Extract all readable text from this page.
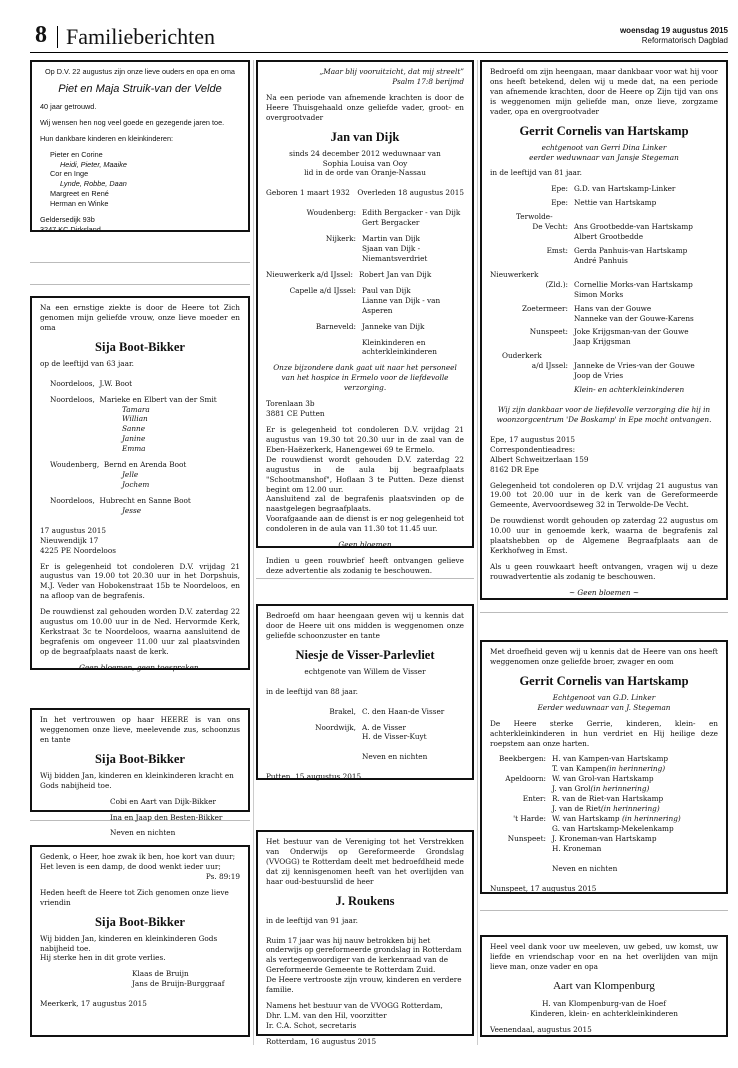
8 Familieberichten	woensdag 19 augustus 2015
Reformatorisch Dagblad

Op D.V. 22 augustus zijn onze lieve ouders en opa en oma

Piet en Maja Struik-van der Velde

40 jaar getrouwd.

Wij wensen hen nog veel goede en gezegende jaren toe.

Hun dankbare kinderen en kleinkinderen:

Pieter en Corine

Heidi, Pieter, Maaike

Cor en Inge

Lynde, Robbe, Daan

Margreet en René

Herman en Winke

Geldersedijk 93b

3247 KC Dirksland

Na een ernstige ziekte is door de Heere tot Zich genomen mijn geliefde vrouw, onze lieve moeder en oma

Sija Boot-Bikker

op de leeftijd van 63 jaar.

Noordeloos, J.W. Boot

Noordeloos, Marieke en Elbert van der Smit

Tamara

Willian

Sanne

Janine

Emma

Woudenberg, Bernd en Arenda Boot

Jelle

Jochem

Noordeloos, Hubrecht en Sanne Boot

Jesse

17 augustus 2015

Nieuwendijk 17

4225 PE Noordeloos

Er is gelegenheid tot condoleren D.V. vrijdag 21 augustus van 19.00 tot 20.30 uur in het Dorpshuis, M.J. Veder van Hobokenstraat 15b te Noordeloos, en na afloop van de begrafenis.

De rouwdienst zal gehouden worden D.V. zaterdag 22 augustus om 10.00 uur in de Ned. Hervormde Kerk, Kerkstraat 3c te Noordeloos, waarna aansluitend de begrafenis om ongeveer 11.00 uur zal plaatsvinden op de begraafplaats naast de kerk.

Geen bloemen, geen toespraken.

In het vertrouwen op haar HEERE is van ons weggenomen onze lieve, meelevende zus, schoonzus en tante

Sija Boot-Bikker

Wij bidden Jan, kinderen en kleinkinderen kracht en Gods nabijheid toe.

Cobi en Aart van Dijk-Bikker

Ina en Jaap den Besten-Bikker

Neven en nichten

Gedenk, o Heer, hoe zwak ik ben, hoe kort van duur;

Het leven is een damp, de dood wenkt ieder uur;

Ps. 89:19

Heden heeft de Heere tot Zich genomen onze lieve vriendin

Sija Boot-Bikker

Wij bidden Jan, kinderen en kleinkinderen Gods nabijheid toe.

Hij sterke hen in dit grote verlies.

Klaas de Bruijn

Jans de Bruijn-Burggraaf

Meerkerk, 17 augustus 2015

„Maar blij vooruitzicht, dat mij streelt”

Psalm 17:8 berijmd

Na een periode van afnemende krachten is door de Heere Thuisgehaald onze geliefde vader, groot- en overgrootvader

Jan van Dijk

sinds 24 december 2012 weduwnaar van

Sophia Louisa van Ooy

lid in de orde van Oranje-Nassau

Geboren 1 maart 1932 Overleden 18 augustus 2015

Woudenberg: Edith Bergacker - van Dijk

Gert Bergacker

Nijkerk: Martin van Dijk

Sjaan van Dijk -

Niemantsverdriet

Nieuwerkerk a/d IJssel: Robert Jan van Dijk

Capelle a/d IJssel: Paul van Dijk

Lianne van Dijk - van Asperen

Barneveld: Janneke van Dijk

Kleinkinderen en

achterkleinkinderen

Onze bijzondere dank gaat uit naar het personeel van het hospice in Ermelo voor de liefdevolle verzorging.

Torenlaan 3b

3881 CE Putten

Er is gelegenheid tot condoleren D.V. vrijdag 21 augustus van 19.30 tot 20.30 uur in de zaal van de Eben-Haëzerkerk, Hanengewei 69 te Ermelo.

De rouwdienst wordt gehouden D.V. zaterdag 22 augustus in de aula bij begraafplaats "Schootmanshof", Hoflaan 3 te Putten. Deze dienst begint om 12.00 uur.

Aansluitend zal de begrafenis plaatsvinden op de naastgelegen begraafplaats.

Voorafgaande aan de dienst is er nog gelegenheid tot condoleren in de aula van 11.30 tot 11.45 uur.

Geen bloemen

Indien u geen rouwbrief heeft ontvangen gelieve deze advertentie als zodanig te beschouwen.

Bedroefd om haar heengaan geven wij u kennis dat door de Heere uit ons midden is weggenomen onze geliefde schoonzuster en tante

Niesje de Visser-Parlevliet

echtgenote van Willem de Visser

in de leeftijd van 88 jaar.

Brakel, C. den Haan-de Visser
Noordwijk, A. de Visser

H. de Visser-Kuyt

Neven en nichten

Putten, 15 augustus 2015

Het bestuur van de Vereniging tot het Verstrekken van Onderwijs op Gereformeerde Grondslag (VVOGG) te Rotterdam deelt met bedroefdheid mede dat zij kennisgenomen heeft van het overlijden van haar oud-bestuurslid de heer

J. Roukens

in de leeftijd van 91 jaar.

Ruim 17 jaar was hij nauw betrokken bij het onderwijs op gereformeerde grondslag in Rotterdam als vertegenwoordiger van de kerkenraad van de Gereformeerde Gemeente te Rotterdam Zuid.

De Heere vertrooste zijn vrouw, kinderen en verdere familie.

Namens het bestuur van de VVOGG Rotterdam,

Dhr. L.M. van den Hil, voorzitter

Ir. C.A. Schot, secretaris

Rotterdam, 16 augustus 2015

Bedroefd om zijn heengaan, maar dankbaar voor wat hij voor ons heeft betekend, delen wij u mede dat, na een periode van afnemende krachten, door de Heere op Zijn tijd van ons is weggenomen mijn geliefde man, onze lieve, zorgzame vader, opa en overgrootvader

Gerrit Cornelis van Hartskamp

echtgenoot van Gerri Dina Linker

eerder weduwnaar van Jansje Stegeman

in de leeftijd van 81 jaar.

Epe: G.D. van Hartskamp-Linker

Epe: Nettie van Hartskamp

Terwolde-
De Vecht: Ans Grootbedde-van Hartskamp

Albert Grootbedde

Emst: Gerda Panhuis-van Hartskamp

André Panhuis

Nieuwerkerk
(Zld.): Cornellie Morks-van Hartskamp

Simon Morks

Zoetermeer: Hans van der Gouwe

Nanneke van der Gouwe-Karens

Nunspeet: Joke Krijgsman-van der Gouwe

Jaap Krijgsman

Ouderkerk
a/d IJssel: Janneke de Vries-van der Gouwe

Joop de Vries

Klein- en achterkleinkinderen

Wij zijn dankbaar voor de liefdevolle verzorging die hij in woonzorgcentrum 'De Boskamp' in Epe mocht ontvangen.

Epe, 17 augustus 2015

Correspondentieadres:

Albert Schweitzerlaan 159

8162 DR Epe

Gelegenheid tot condoleren op D.V. vrijdag 21 augustus van 19.00 tot 20.00 uur in de kerk van de Gereformeerde Gemeente, Avervoordseweg 32 in Terwolde-De Vecht.

De rouwdienst wordt gehouden op zaterdag 22 augustus om 10.00 uur in genoemde kerk, waarna de begrafenis zal plaatshebben op de Algemene Begraafplaats aan de Kerkhofweg in Emst.

Als u geen rouwkaart heeft ontvangen, vragen wij u deze rouwadvertentie als zodanig te beschouwen.

~ Geen bloemen ~

Met droefheid geven wij u kennis dat de Heere van ons heeft weggenomen onze geliefde broer, zwager en oom

Gerrit Cornelis van Hartskamp

Echtgenoot van G.D. Linker

Eerder weduwnaar van J. Stegeman

De Heere sterke Gerrie, kinderen, klein- en achterkleinkinderen in hun verdriet en Hij heilige deze roepstem aan onze harten.

Beekbergen: H. van Kampen-van Hartskamp

T. van Kampen(in herinnering)

Apeldoorn: W. van Grol-van Hartskamp

J. van Grol(in herinnering)

Enter: R. van de Riet-van Hartskamp

J. van de Riet(in herinnering)

't Harde: W. van Hartskamp (in herinnering)

G. van Hartskamp-Mekelenkamp

Nunspeet: J. Kroneman-van Hartskamp

H. Kroneman

Neven en nichten

Nunspeet, 17 augustus 2015

Heel veel dank voor uw meeleven, uw gebed, uw komst, uw liefde en vriendschap voor en na het overlijden van mijn lieve man, onze vader en opa

Aart van Klompenburg

H. van Klompenburg-van de Hoef

Kinderen, klein- en achterkleinkinderen

Veenendaal, augustus 2015
